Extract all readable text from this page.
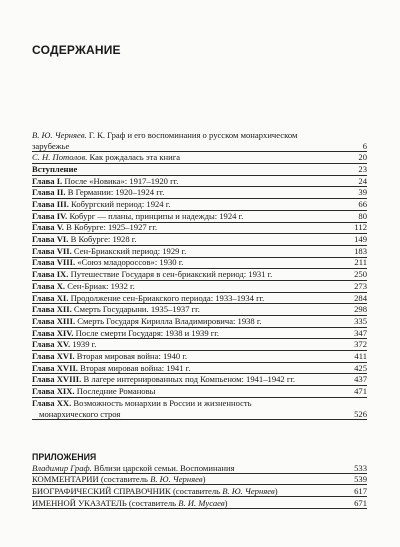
СОДЕРЖАНИЕ
В. Ю. Черняев. Г. К. Граф и его воспоминания о русском монархическом
зарубежье	6
С. Н. Потолов. Как рождалась эта книга	20
Вступление	23
Глава I. После «Новика»: 1917–1920 гг.	24
Глава II. В Германии: 1920–1924 гг.	39
Глава III. Кобургский период: 1924 г.	66
Глава IV. Кобург — планы, принципы и надежды: 1924 г.	80
Глава V. В Кобурге: 1925–1927 гг.	112
Глава VI. В Кобурге: 1928 г.	149
Глава VII. Сен-Бриакский период: 1929 г.	183
Глава VIII. «Союз младороссов»: 1930 г.	211
Глава IX. Путешествие Государя в сен-бриакский период: 1931 г.	250
Глава X. Сен-Бриак: 1932 г.	273
Глава XI. Продолжение сен-Бриакского периода: 1933–1934 гг.	284
Глава XII. Смерть Государыни. 1935–1937 гг.	298
Глава XIII. Смерть Государя Кирилла Владимировича: 1938 г.	335
Глава XIV. После смерти Государя: 1938 и 1939 гг.	347
Глава XV. 1939 г.	372
Глава XVI. Вторая мировая война: 1940 г.	411
Глава XVII. Вторая мировая война: 1941 г.	425
Глава XVIII. В лагере интернированных под Компьеном: 1941–1942 гг.	437
Глава XIX. Последние Романовы	471
Глава XX. Возможность монархии в России и жизненность
монархического строя	526
ПРИЛОЖЕНИЯ
Владимир Граф. Вблизи царской семьи. Воспоминания	533
КОММЕНТАРИИ (составитель В. Ю. Черняев)	539
БИОГРАФИЧЕСКИЙ СПРАВОЧНИК (составитель В. Ю. Черняев)	617
ИМЕННОЙ УКАЗАТЕЛЬ (составитель В. И. Мусаев)	671
